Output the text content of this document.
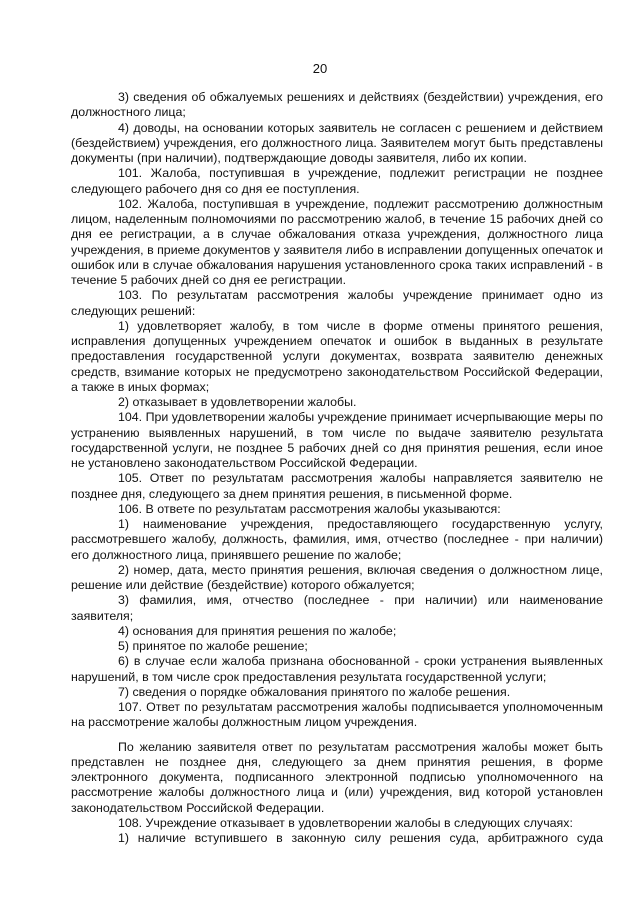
20

3) сведения об обжалуемых решениях и действиях (бездействии) учреждения, его должностного лица;

4) доводы, на основании которых заявитель не согласен с решением и действием (бездействием) учреждения, его должностного лица. Заявителем могут быть представлены документы (при наличии), подтверждающие доводы заявителя, либо их копии.

101. Жалоба, поступившая в учреждение, подлежит регистрации не позднее следующего рабочего дня со дня ее поступления.

102. Жалоба, поступившая в учреждение, подлежит рассмотрению должностным лицом, наделенным полномочиями по рассмотрению жалоб, в течение 15 рабочих дней со дня ее регистрации, а в случае обжалования отказа учреждения, должностного лица учреждения, в приеме документов у заявителя либо в исправлении допущенных опечаток и ошибок или в случае обжалования нарушения установленного срока таких исправлений - в течение 5 рабочих дней со дня ее регистрации.

103. По результатам рассмотрения жалобы учреждение принимает одно из следующих решений:

1) удовлетворяет жалобу, в том числе в форме отмены принятого решения, исправления допущенных учреждением опечаток и ошибок в выданных в результате предоставления государственной услуги документах, возврата заявителю денежных средств, взимание которых не предусмотрено законодательством Российской Федерации, а также в иных формах;

2) отказывает в удовлетворении жалобы.

104. При удовлетворении жалобы учреждение принимает исчерпывающие меры по устранению выявленных нарушений, в том числе по выдаче заявителю результата государственной услуги, не позднее 5 рабочих дней со дня принятия решения, если иное не установлено законодательством Российской Федерации.

105. Ответ по результатам рассмотрения жалобы направляется заявителю не позднее дня, следующего за днем принятия решения, в письменной форме.

106. В ответе по результатам рассмотрения жалобы указываются:

1) наименование учреждения, предоставляющего государственную услугу, рассмотревшего жалобу, должность, фамилия, имя, отчество (последнее - при наличии) его должностного лица, принявшего решение по жалобе;

2) номер, дата, место принятия решения, включая сведения о должностном лице, решение или действие (бездействие) которого обжалуется;

3) фамилия, имя, отчество (последнее - при наличии) или наименование заявителя;

4) основания для принятия решения по жалобе;

5) принятое по жалобе решение;

6) в случае если жалоба признана обоснованной - сроки устранения выявленных нарушений, в том числе срок предоставления результата государственной услуги;

7) сведения о порядке обжалования принятого по жалобе решения.

107. Ответ по результатам рассмотрения жалобы подписывается уполномоченным на рассмотрение жалобы должностным лицом учреждения.

По желанию заявителя ответ по результатам рассмотрения жалобы может быть представлен не позднее дня, следующего за днем принятия решения, в форме электронного документа, подписанного электронной подписью уполномоченного на рассмотрение жалобы должностного лица и (или) учреждения, вид которой установлен законодательством Российской Федерации.

108. Учреждение отказывает в удовлетворении жалобы в следующих случаях:

1) наличие вступившего в законную силу решения суда, арбитражного суда
